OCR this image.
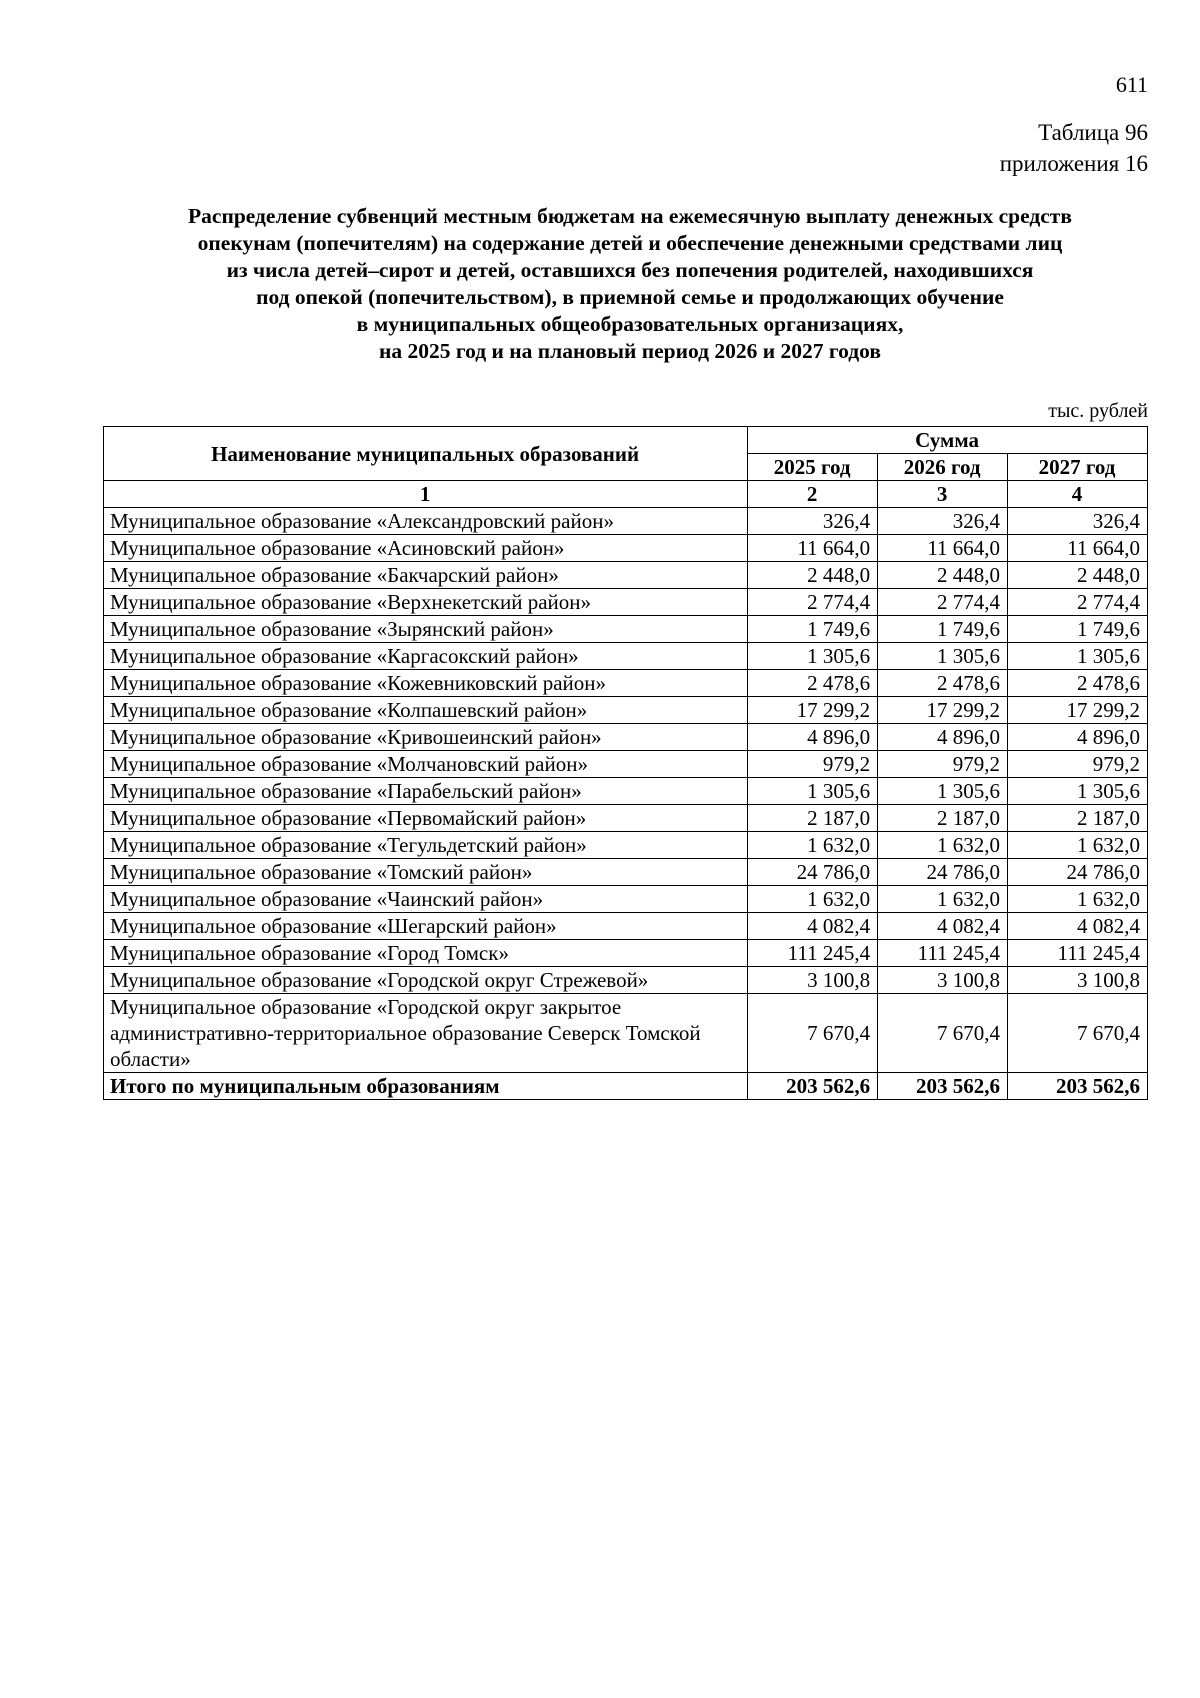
611
Таблица 96
приложения 16
Распределение субвенций местным бюджетам на ежемесячную выплату денежных средств
опекунам (попечителям) на содержание детей и обеспечение денежными средствами лиц
из числа детей–сирот и детей, оставшихся без попечения родителей, находившихся
под опекой (попечительством), в приемной семье и продолжающих обучение
в муниципальных общеобразовательных организациях,
на 2025 год и на плановый период 2026 и 2027 годов
тыс. рублей
Наименование муниципальных образований	Сумма		
	2025 год	2026 год	2027 год
1	2	3	4
Муниципальное образование «Александровский район»	326,4	326,4	326,4
Муниципальное образование «Асиновский район»	11 664,0	11 664,0	11 664,0
Муниципальное образование «Бакчарский район»	2 448,0	2 448,0	2 448,0
Муниципальное образование «Верхнекетский район»	2 774,4	2 774,4	2 774,4
Муниципальное образование «Зырянский район»	1 749,6	1 749,6	1 749,6
Муниципальное образование «Каргасокский район»	1 305,6	1 305,6	1 305,6
Муниципальное образование «Кожевниковский район»	2 478,6	2 478,6	2 478,6
Муниципальное образование «Колпашевский район»	17 299,2	17 299,2	17 299,2
Муниципальное образование «Кривошеинский район»	4 896,0	4 896,0	4 896,0
Муниципальное образование «Молчановский район»	979,2	979,2	979,2
Муниципальное образование «Парабельский район»	1 305,6	1 305,6	1 305,6
Муниципальное образование «Первомайский район»	2 187,0	2 187,0	2 187,0
Муниципальное образование «Тегульдетский район»	1 632,0	1 632,0	1 632,0
Муниципальное образование «Томский район»	24 786,0	24 786,0	24 786,0
Муниципальное образование «Чаинский район»	1 632,0	1 632,0	1 632,0
Муниципальное образование «Шегарский район»	4 082,4	4 082,4	4 082,4
Муниципальное образование «Город Томск»	111 245,4	111 245,4	111 245,4
Муниципальное образование «Городской округ Стрежевой»	3 100,8	3 100,8	3 100,8
Муниципальное образование «Городской округ закрытое административно-территориальное образование Северск Томской области»	7 670,4	7 670,4	7 670,4
Итого по муниципальным образованиям	203 562,6	203 562,6	203 562,6
